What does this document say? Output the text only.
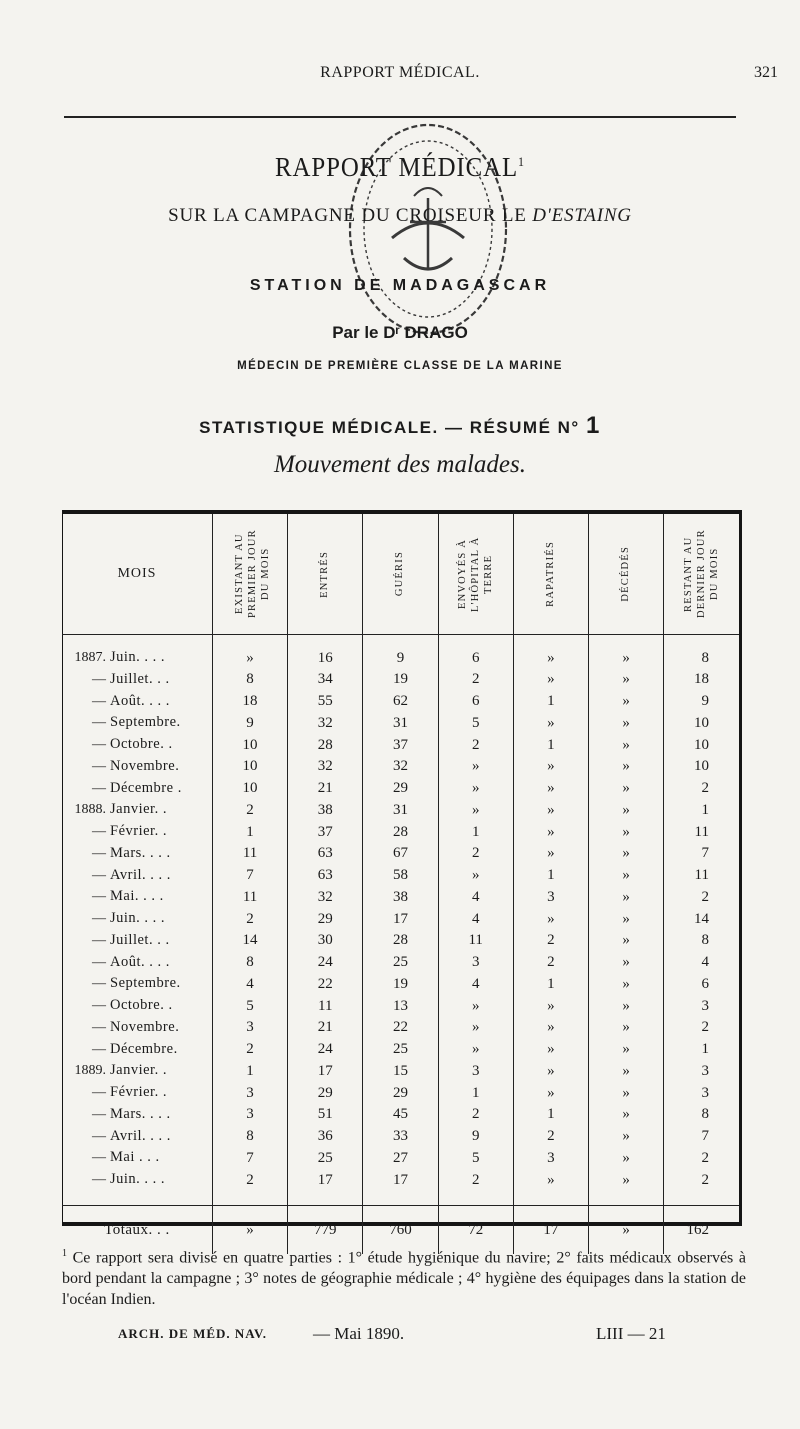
RAPPORT MÉDICAL.	321
RAPPORT MÉDICAL$^1$
SUR LA CAMPAGNE DU CROISEUR LE D'ESTAING
STATION DE MADAGASCAR
Par le Dʳ DRAGO
MÉDECIN DE PREMIÈRE CLASSE DE LA MARINE
STATISTIQUE MÉDICALE. — RÉSUMÉ N° 1
Mouvement des malades.
MOIS	EXISTANT AU PREMIER JOUR DU MOIS	ENTRÉS	GUÉRIS	ENVOYÉS À L'HÔPITAL À TERRE	RAPATRIÉS	DÉCÉDÉS	RESTANT AU DERNIER JOUR DU MOIS

1887. Juin. . . .	»	16	9	6	»	»	8
— Juillet. . .	8	34	19	2	»	»	18
— Août. . . .	18	55	62	6	1	»	9
— Septembre.	9	32	31	5	»	»	10
— Octobre. .	10	28	37	2	1	»	10
— Novembre.	10	32	32	»	»	»	10
— Décembre .	10	21	29	»	»	»	2
1888. Janvier. .	2	38	31	»	»	»	1
— Février. .	1	37	28	1	»	»	11
— Mars. . . .	11	63	67	2	»	»	7
— Avril. . . .	7	63	58	»	1	»	11
— Mai. . . .	11	32	38	4	3	»	2
— Juin. . . .	2	29	17	4	»	»	14
— Juillet. . .	14	30	28	11	2	»	8
— Août. . . .	8	24	25	3	2	»	4
— Septembre.	4	22	19	4	1	»	6
— Octobre. .	5	11	13	»	»	»	3
— Novembre.	3	21	22	»	»	»	2
— Décembre.	2	24	25	»	»	»	1
1889. Janvier. .	1	17	15	3	»	»	3
— Février. .	3	29	29	1	»	»	3
— Mars. . . .	3	51	45	2	1	»	8
— Avril. . . .	8	36	33	9	2	»	7
— Mai . . .	7	25	27	5	3	»	2
— Juin. . . .	2	17	17	2	»	»	2

Totaux. . .	»	779	760	72	17	»	162
$^1$ Ce rapport sera divisé en quatre parties : 1° étude hygiénique du navire; 2° faits médicaux observés à bord pendant la campagne ; 3° notes de géographie médicale ; 4° hygiène des équipages dans la station de l'océan Indien.
ARCH. DE MÉD. NAV.	— Mai 1890.	LIII — 21
